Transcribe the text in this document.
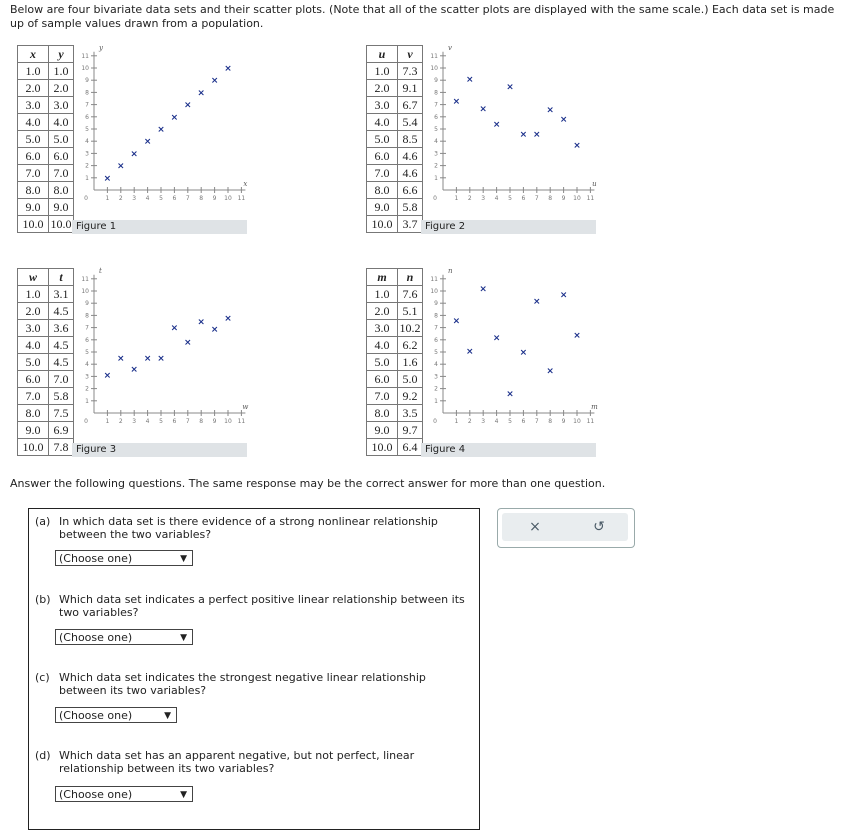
Below are four bivariate data sets and their scatter plots. (Note that all of the scatter plots are displayed with the same scale.) Each data set is made up of sample values drawn from a population.
x	y
1.0	1.0
2.0	2.0
3.0	3.0
4.0	4.0
5.0	5.0
6.0	6.0
7.0	7.0
8.0	8.0
9.0	9.0
10.0	10.0 Figure 1
1
1
2
2
3
3
4
4
5
5
6
6
7
7
8
8
9
9
10
10
11
11
0
x
y
×
×
×
×
×
×
×
×
×
×
u	v
1.0	7.3
2.0	9.1
3.0	6.7
4.0	5.4
5.0	8.5
6.0	4.6
7.0	4.6
8.0	6.6
9.0	5.8
10.0	3.7 Figure 2
1
1
2
2
3
3
4
4
5
5
6
6
7
7
8
8
9
9
10
10
11
11
0
u
v
×
×
×
×
×
× ×
×
×
×
w	t
1.0	3.1
2.0	4.5
3.0	3.6
4.0	4.5
5.0	4.5
6.0	7.0
7.0	5.8
8.0	7.5
9.0	6.9
10.0	7.8 Figure 3
1
1
2
2
3
3
4
4
5
5
6
6
7
7
8
8
9
9
10
10
11
11
0
w
t
×
×
×
× ×
×
×
×
×
×
m	n
1.0	7.6
2.0	5.1
3.0	10.2
4.0	6.2
5.0	1.6
6.0	5.0
7.0	9.2
8.0	3.5
9.0	9.7
10.0	6.4 Figure 4
1
1
2
2
3
3
4
4
5
5
6
6
7
7
8
8
9
9
10
10
11
11
0
m
n
×
×
×
×
×
×
×
×
×
×
Answer the following questions. The same response may be the correct answer for more than one question.
(a) In which data set is there evidence of a strong nonlinear relationship between the two variables?
(Choose one)	▼
(b) Which data set indicates a perfect positive linear relationship between its two variables?
(Choose one)	▼
(c) Which data set indicates the strongest negative linear relationship between its two variables?
(Choose one)	▼
(d) Which data set has an apparent negative, but not perfect, linear relationship between its two variables?
(Choose one)	▼
×	↺
